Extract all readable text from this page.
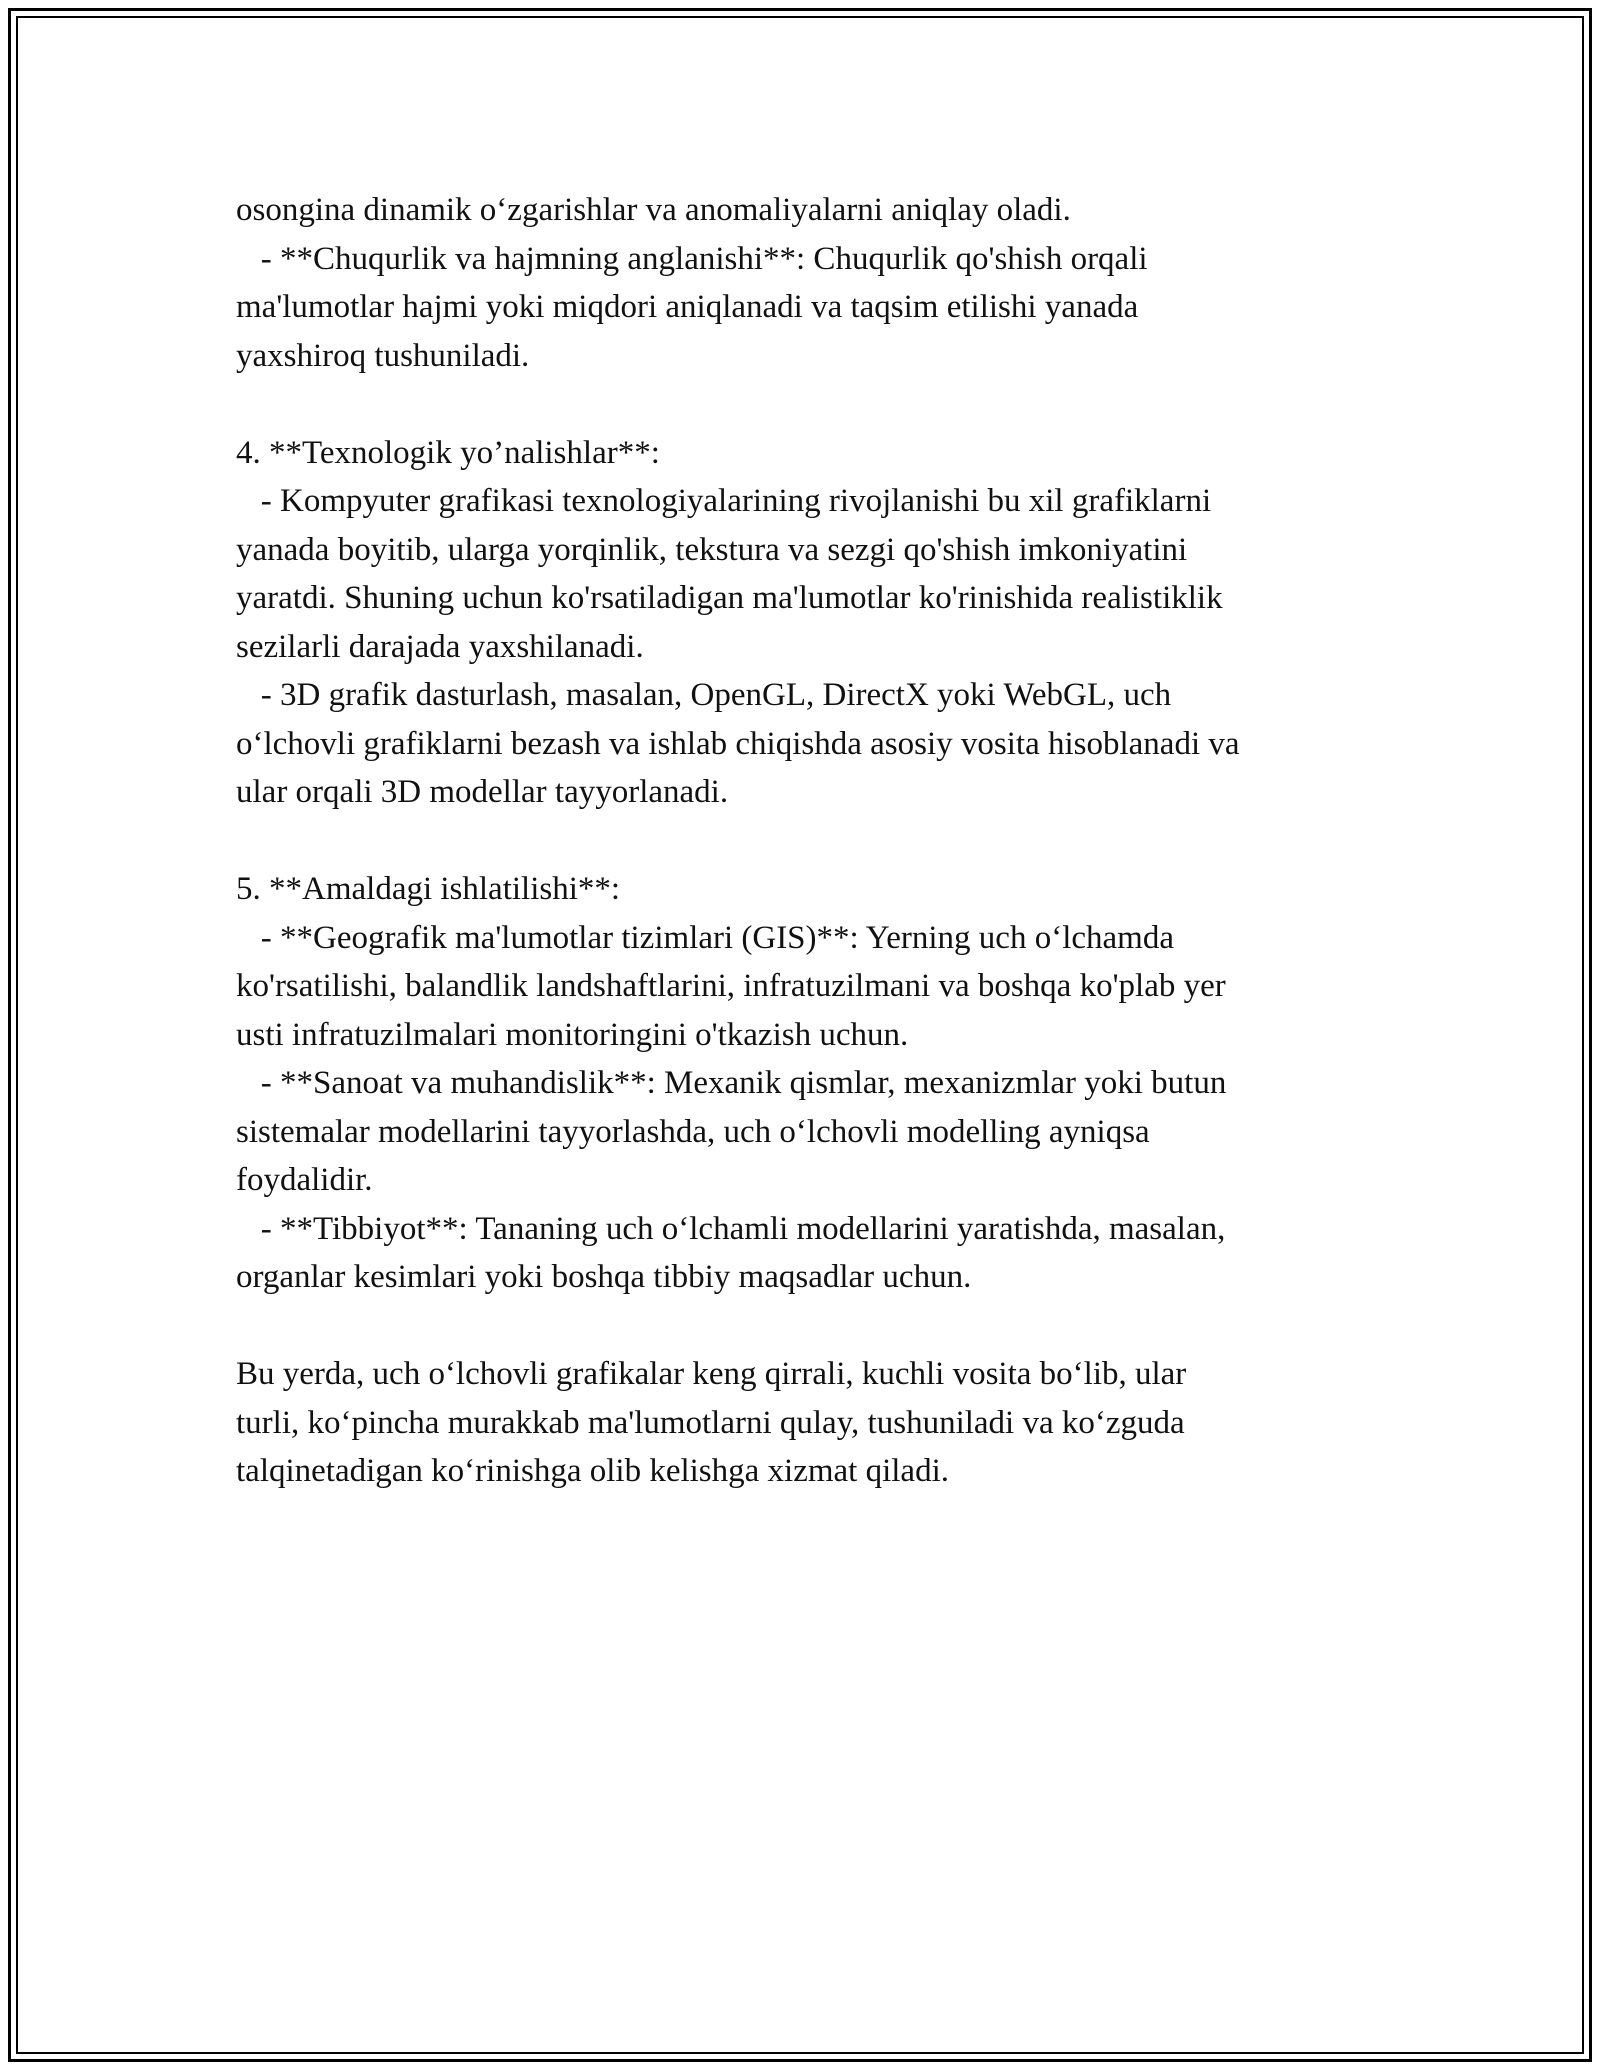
osongina dinamik o‘zgarishlar va anomaliyalarni aniqlay oladi.
- **Chuqurlik va hajmning anglanishi**: Chuqurlik qo'shish orqali
ma'lumotlar hajmi yoki miqdori aniqlanadi va taqsim etilishi yanada
yaxshiroq tushuniladi.
4. **Texnologik yo’nalishlar**:
- Kompyuter grafikasi texnologiyalarining rivojlanishi bu xil grafiklarni
yanada boyitib, ularga yorqinlik, tekstura va sezgi qo'shish imkoniyatini
yaratdi. Shuning uchun ko'rsatiladigan ma'lumotlar ko'rinishida realistiklik
sezilarli darajada yaxshilanadi.
- 3D grafik dasturlash, masalan, OpenGL, DirectX yoki WebGL, uch
o‘lchovli grafiklarni bezash va ishlab chiqishda asosiy vosita hisoblanadi va
ular orqali 3D modellar tayyorlanadi.
5. **Amaldagi ishlatilishi**:
- **Geografik ma'lumotlar tizimlari (GIS)**: Yerning uch o‘lchamda
ko'rsatilishi, balandlik landshaftlarini, infratuzilmani va boshqa ko'plab yer
usti infratuzilmalari monitoringini o'tkazish uchun.
- **Sanoat va muhandislik**: Mexanik qismlar, mexanizmlar yoki butun
sistemalar modellarini tayyorlashda, uch o‘lchovli modelling ayniqsa
foydalidir.
- **Tibbiyot**: Tananing uch o‘lchamli modellarini yaratishda, masalan,
organlar kesimlari yoki boshqa tibbiy maqsadlar uchun.
Bu yerda, uch o‘lchovli grafikalar keng qirrali, kuchli vosita bo‘lib, ular
turli, ko‘pincha murakkab ma'lumotlarni qulay, tushuniladi va ko‘zguda
talqinetadigan ko‘rinishga olib kelishga xizmat qiladi.
